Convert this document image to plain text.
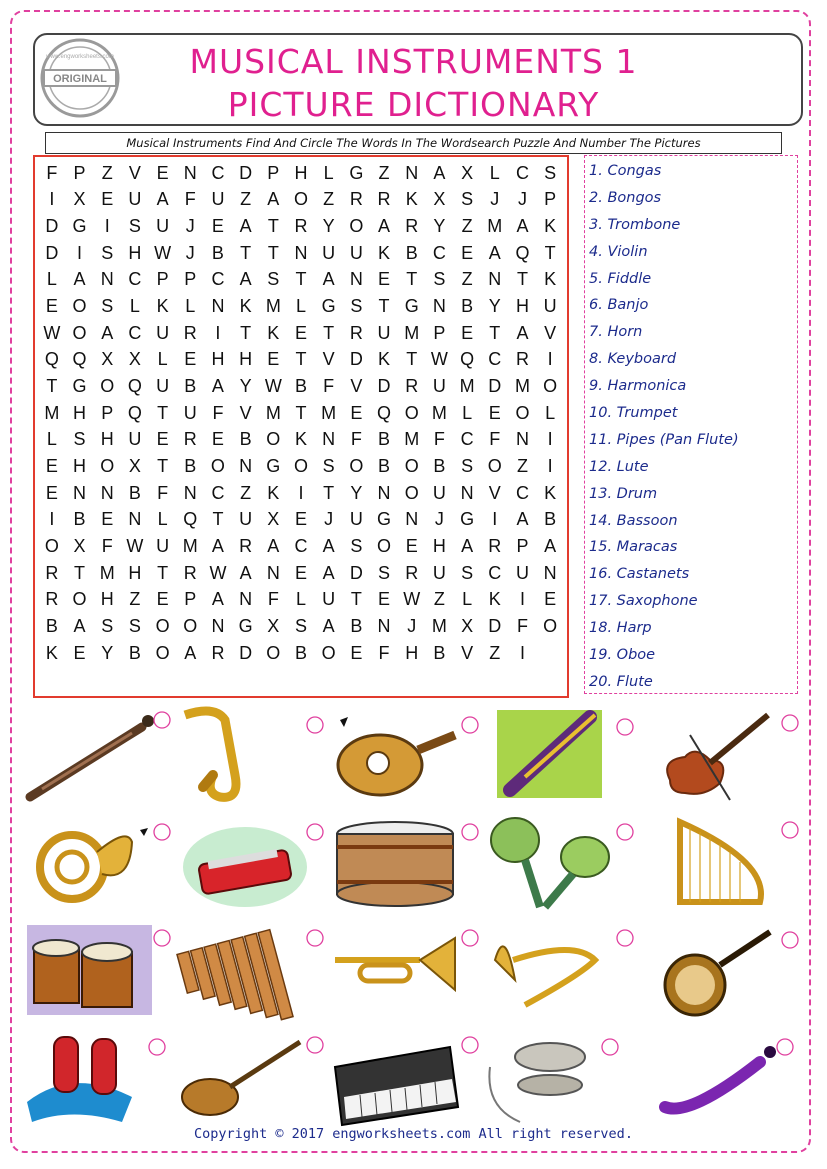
ORIGINAL
www.engworksheets.com	MUSICAL INSTRUMENTS 1
PICTURE DICTIONARY
Musical Instruments Find And Circle The Words In The Wordsearch Puzzle And Number The Pictures
F P Z V E N C D P H L G Z N A X L C S
I	X E U A F U Z A O Z R R K X S J	J P
D G	I	S U J E A T R Y O A R Y Z M A K
D	I	S H W J B T T N U U K B C E A Q T
L A N C P P C A S T A N E T S Z N T K
E O S L K L N K M L G S T G N B Y H U
W O A C U R	I	T K E T R U M P E T A V
Q Q X X L E H H E T V D K T W Q C R	I
T G O Q U B A Y W B F V D R U M D M O
M H P Q T U F V M T M E Q O M L E O L
L S H U E R E B O K N F B M F C F N	I
E H O X T B O N G O S O B O B S O Z	I
E N N B F N C Z K	I	T Y N O U N V C K
I	B E N L Q T U X E J U G N J G	I	A B
O X F W U M A R A C A S O E H A R P A
R T M H T R W A N E A D S R U S C U N
R O H Z E P A N F L U T E W Z L K	I	E
B A S S O O N G X S A B N J M X D F O
K E Y B O A R D O B O E F H B V Z	I
1. Congas
2. Bongos
3. Trombone
4. Violin
5. Fiddle
6. Banjo
7. Horn
8. Keyboard
9. Harmonica
10. Trumpet
11. Pipes (Pan Flute)
12. Lute
13. Drum
14. Bassoon
15. Maracas
16. Castanets
17. Saxophone
18. Harp
19. Oboe
20. Flute
Copyright © 2017 engworksheets.com All right reserved.
